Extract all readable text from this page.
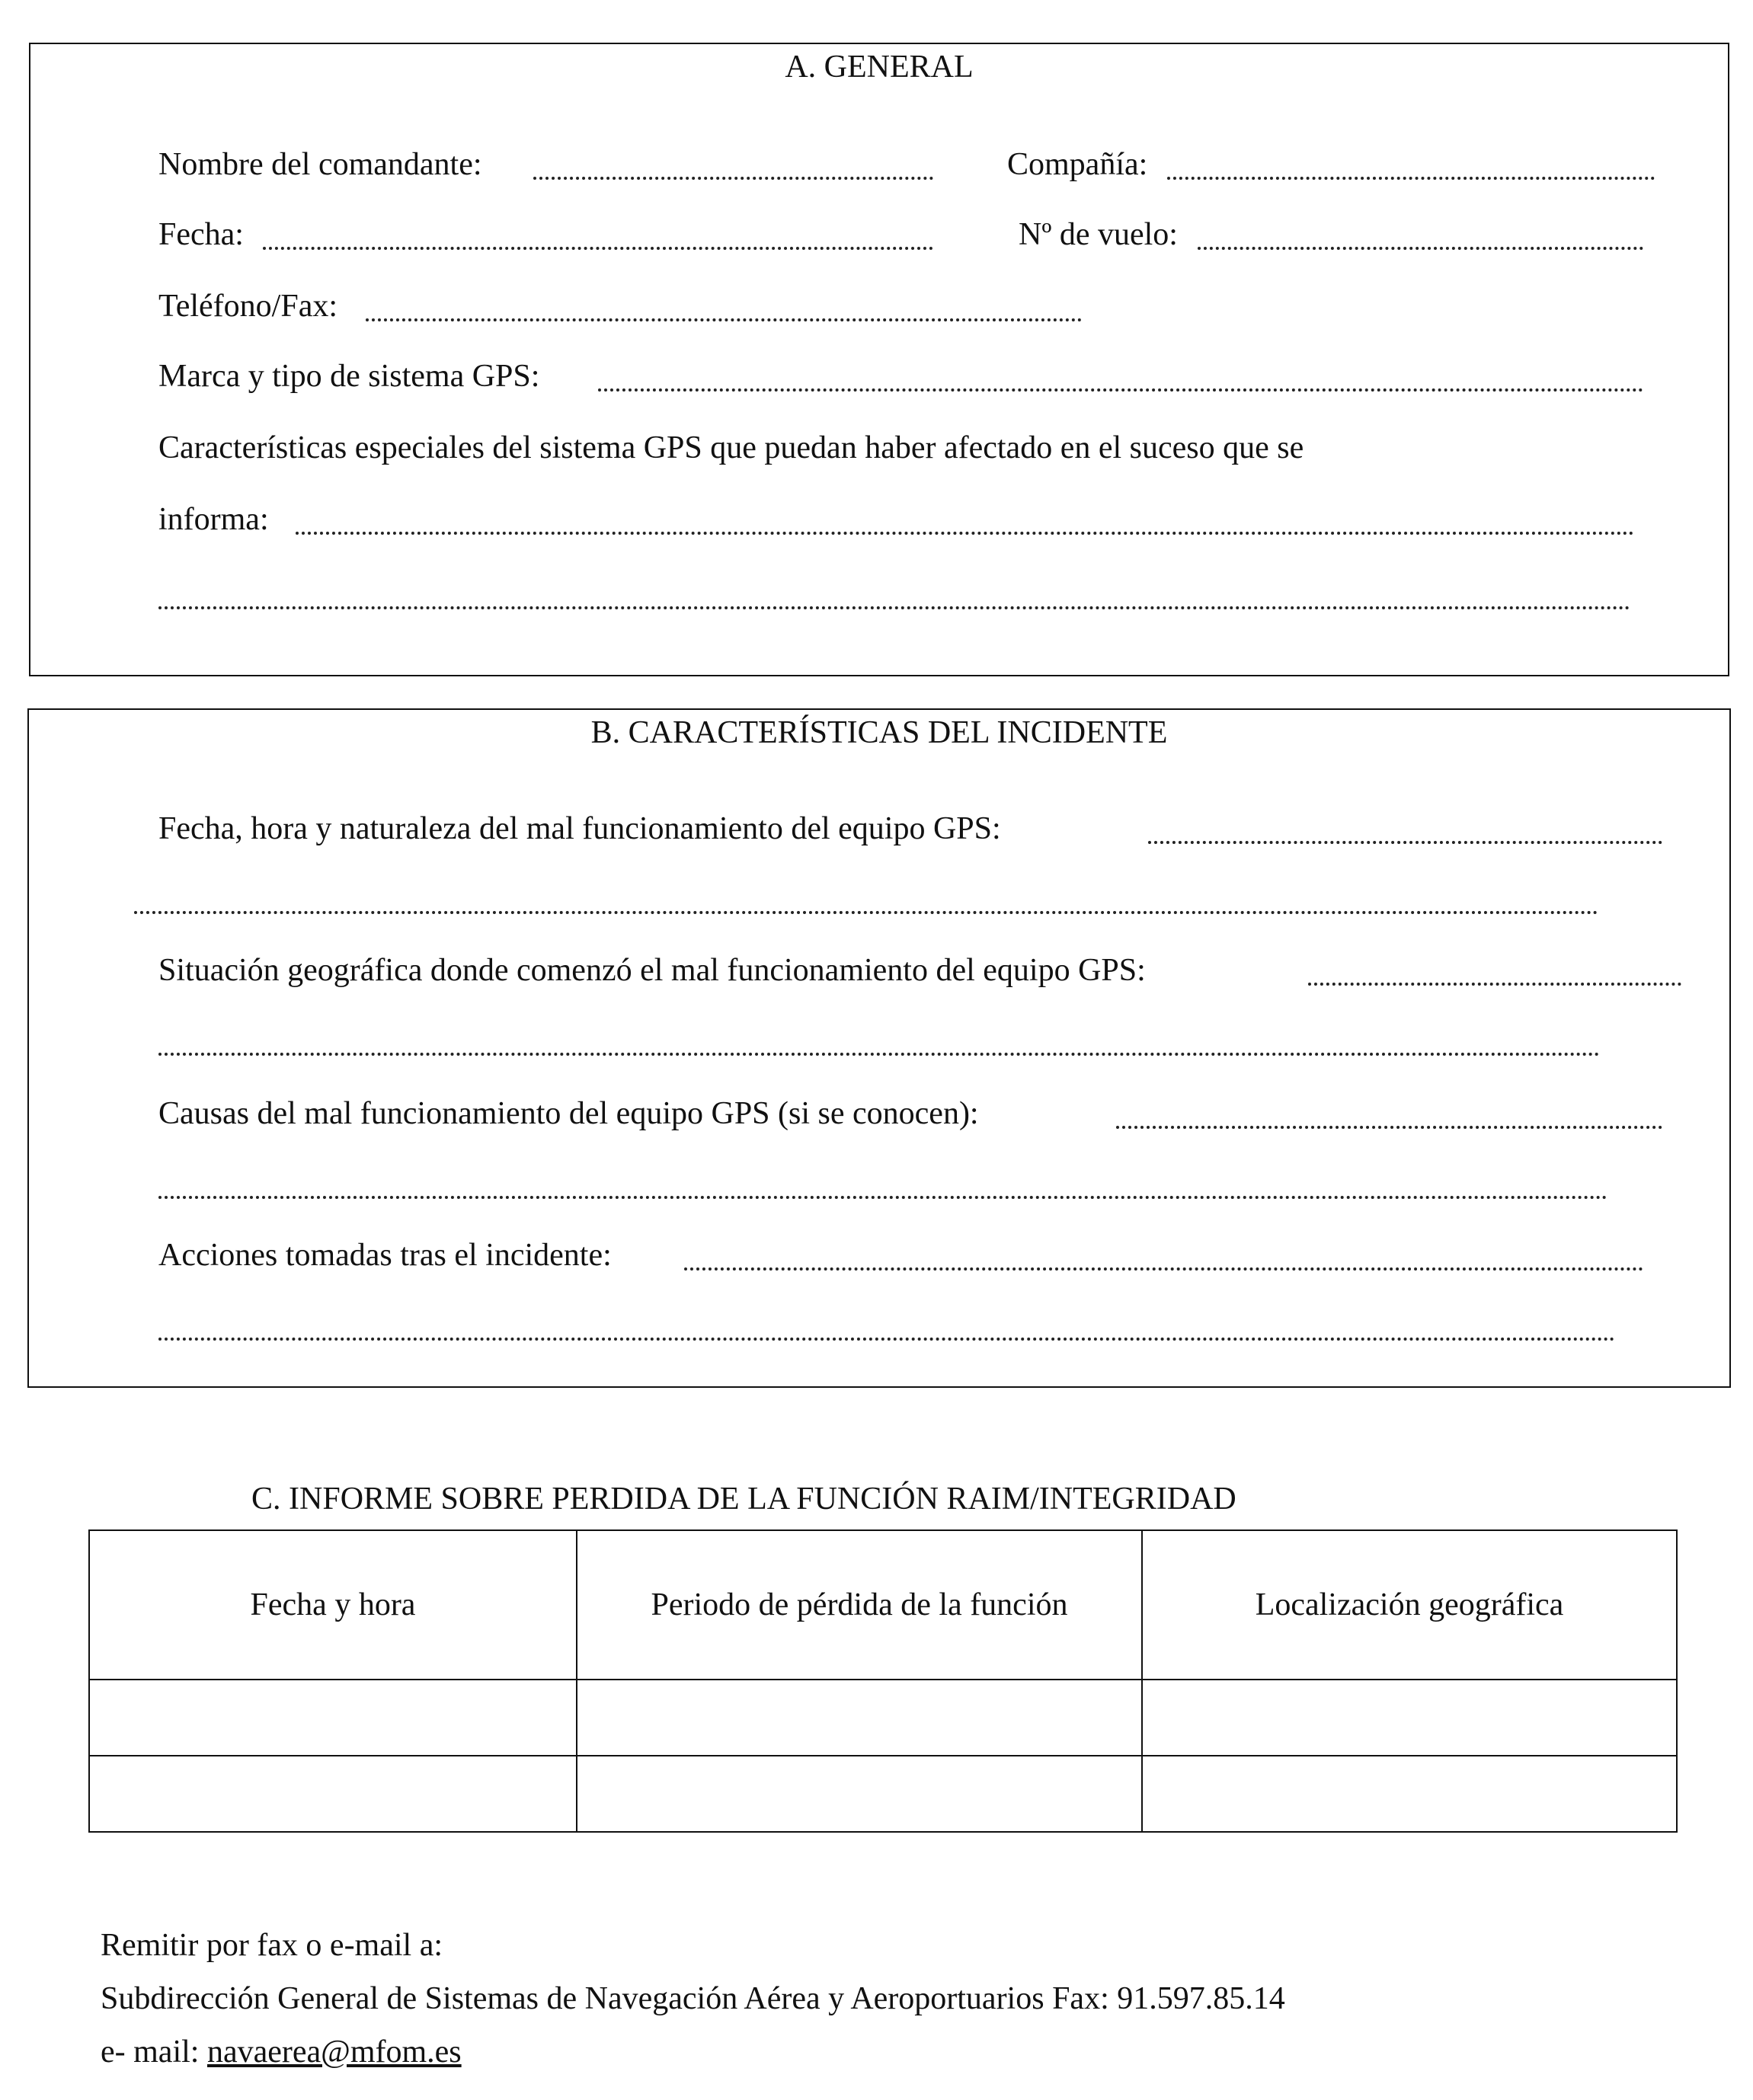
A. GENERAL
Nombre del comandante:	Compañía:
Fecha:	Nº de vuelo:
Teléfono/Fax:
Marca y tipo de sistema GPS:
Características especiales del sistema GPS que puedan haber afectado en el suceso que se
informa:
B. CARACTERÍSTICAS DEL INCIDENTE
Fecha, hora y naturaleza del mal funcionamiento del equipo GPS:
Situación geográfica donde comenzó el mal funcionamiento del equipo GPS:
Causas del mal funcionamiento del equipo GPS (si se conocen):
Acciones tomadas tras el incidente:
C. INFORME SOBRE PERDIDA DE LA FUNCIÓN RAIM/INTEGRIDAD
Fecha y hora	Periodo de pérdida de la función	Localización geográfica

Remitir por fax o e-mail a:
Subdirección General de Sistemas de Navegación Aérea y Aeroportuarios Fax: 91.597.85.14
e- mail: navaerea@mfom.es
